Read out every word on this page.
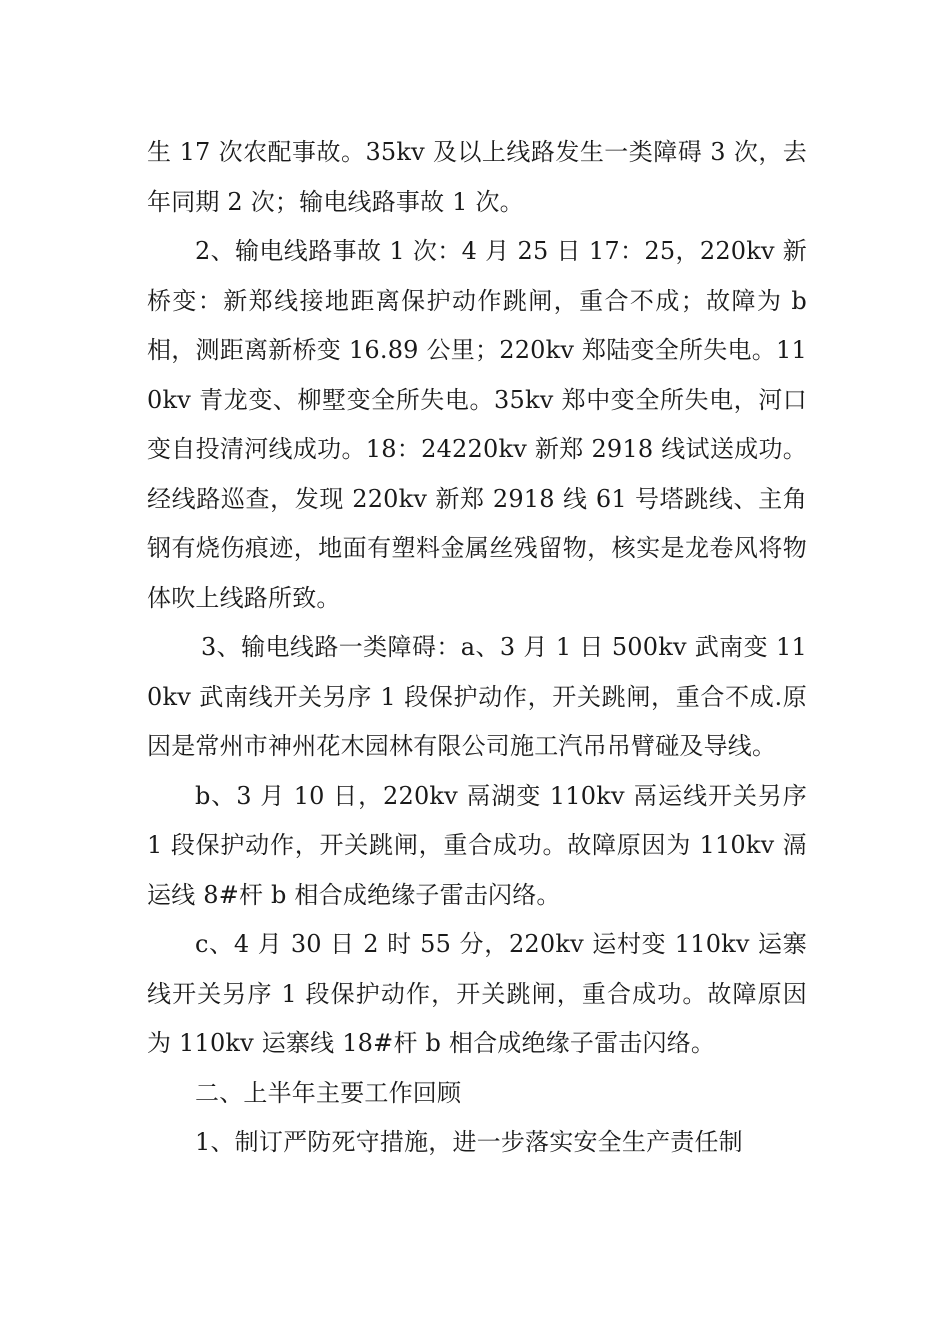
生 17 次农配事故。35kv 及以上线路发生一类障碍 3 次，去年同期 2 次；输电线路事故 1 次。

2、输电线路事故 1 次：4 月 25 日 17：25，220kv 新桥变：新郑线接地距离保护动作跳闸，重合不成；故障为 b 相，测距离新桥变 16.89 公里；220kv 郑陆变全所失电。110kv 青龙变、柳墅变全所失电。35kv 郑中变全所失电，河口变自投清河线成功。18：24220kv 新郑 2918 线试送成功。经线路巡查，发现 220kv 新郑 2918 线 61 号塔跳线、主角钢有烧伤痕迹，地面有塑料金属丝残留物，核实是龙卷风将物体吹上线路所致。

3、输电线路一类障碍：a、3 月 1 日 500kv 武南变 110kv 武南线开关另序 1 段保护动作，开关跳闸，重合不成.原因是常州市神州花木园林有限公司施工汽吊吊臂碰及导线。

b、3 月 10 日，220kv 鬲湖变 110kv 鬲运线开关另序 1 段保护动作，开关跳闸，重合成功。故障原因为 110kv 滆运线 8#杆 b 相合成绝缘子雷击闪络。

c、4 月 30 日 2 时 55 分，220kv 运村变 110kv 运寨线开关另序 1 段保护动作，开关跳闸，重合成功。故障原因为 110kv 运寨线 18#杆 b 相合成绝缘子雷击闪络。

二、上半年主要工作回顾

1、制订严防死守措施，进一步落实安全生产责任制
